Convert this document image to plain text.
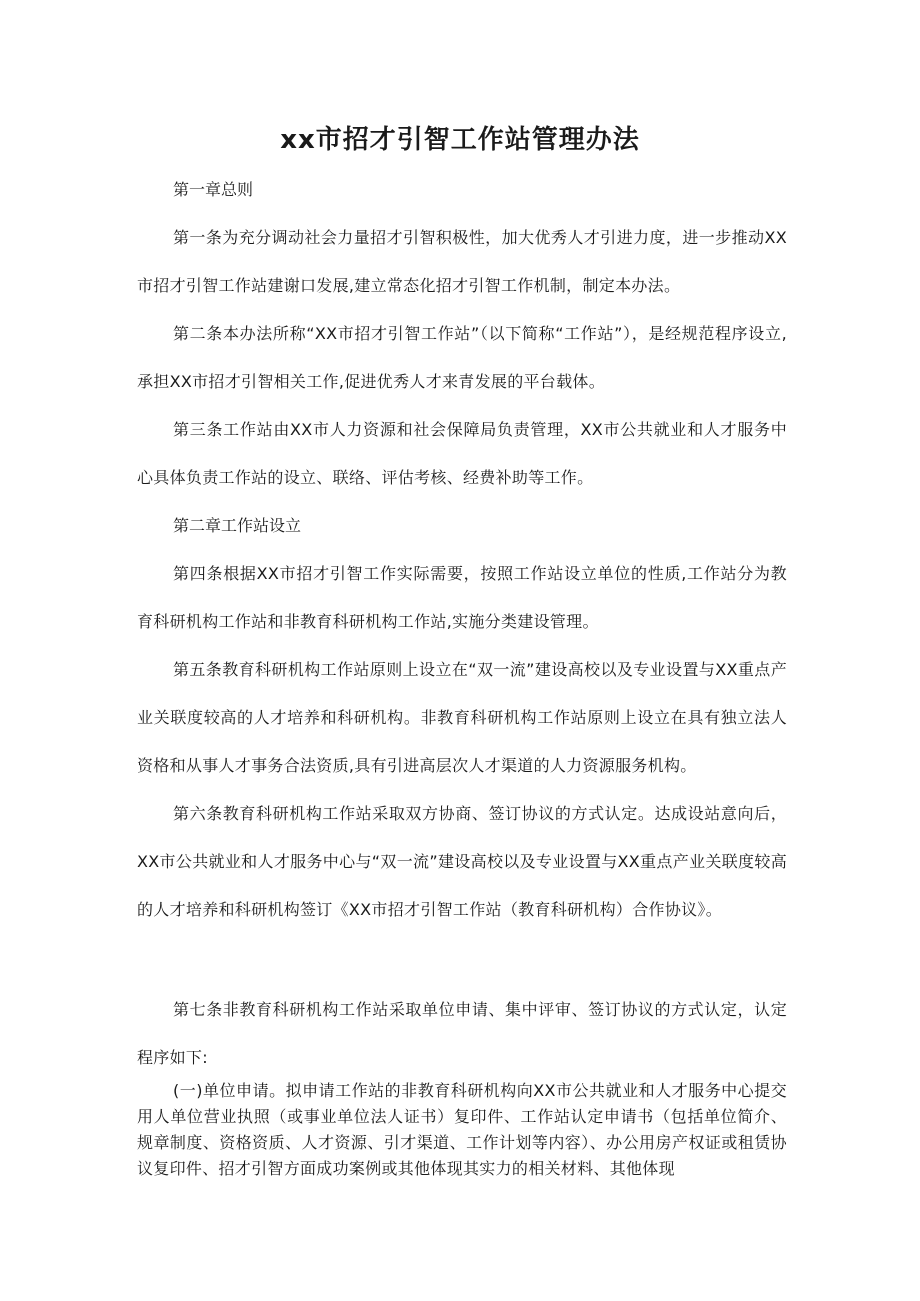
xx市招才引智工作站管理办法

第一章总则

第一条为充分调动社会力量招才引智积极性，加大优秀人才引进力度，进一步推动XX市招才引智工作站建谢口发展,建立常态化招才引智工作机制，制定本办法。

第二条本办法所称“XX市招才引智工作站”（以下简称“工作站”），是经规范程序设立,承担XX市招才引智相关工作,促进优秀人才来青发展的平台载体。

第三条工作站由XX市人力资源和社会保障局负责管理，XX市公共就业和人才服务中心具体负责工作站的设立、联络、评估考核、经费补助等工作。

第二章工作站设立

第四条根据XX市招才引智工作实际需要，按照工作站设立单位的性质,工作站分为教育科研机构工作站和非教育科研机构工作站,实施分类建设管理。

第五条教育科研机构工作站原则上设立在“双一流”建设高校以及专业设置与XX重点产业关联度较高的人才培养和科研机构。非教育科研机构工作站原则上设立在具有独立法人资格和从事人才事务合法资质,具有引进高层次人才渠道的人力资源服务机构。

第六条教育科研机构工作站采取双方协商、签订协议的方式认定。达成设站意向后，XX市公共就业和人才服务中心与“双一流”建设高校以及专业设置与XX重点产业关联度较高的人才培养和科研机构签订《XX市招才引智工作站（教育科研机构）合作协议》。

第七条非教育科研机构工作站采取单位申请、集中评审、签订协议的方式认定，认定程序如下:

(一)单位申请。拟申请工作站的非教育科研机构向XX市公共就业和人才服务中心提交用人单位营业执照（或事业单位法人证书）复印件、工作站认定申请书（包括单位简介、规章制度、资格资质、人才资源、引才渠道、工作计划等内容）、办公用房产权证或租赁协议复印件、招才引智方面成功案例或其他体现其实力的相关材料、其他体现
